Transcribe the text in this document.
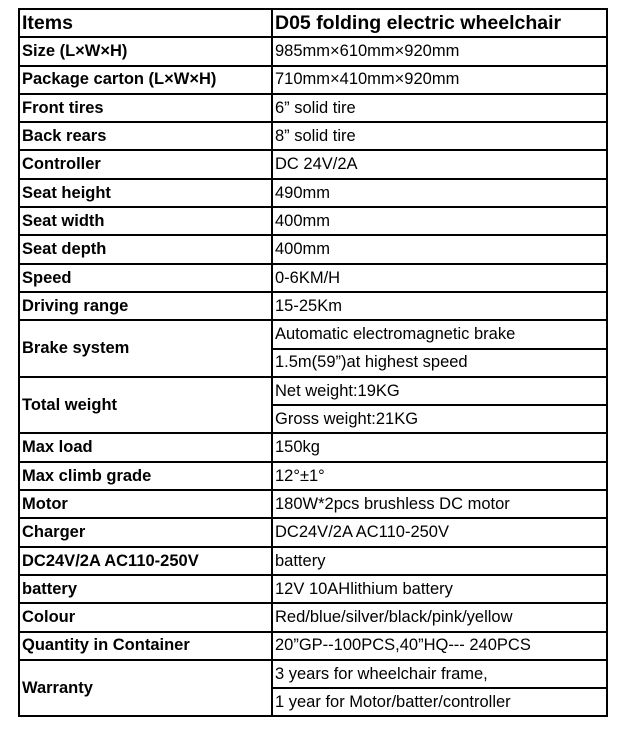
Items	D05 folding electric wheelchair
Size (L×W×H)	985mm×610mm×920mm
Package carton (L×W×H)	710mm×410mm×920mm
Front tires	6” solid tire
Back rears	8” solid tire
Controller	DC 24V/2A
Seat height	490mm
Seat width	400mm
Seat depth	400mm
Speed	0-6KM/H
Driving range	15-25Km
Brake system	Automatic electromagnetic brake
	1.5m(59”)at highest speed
Total weight	Net weight:19KG
	Gross weight:21KG
Max load	150kg
Max climb grade	12°±1°
Motor	180W*2pcs brushless DC motor
Charger	DC24V/2A AC110-250V
DC24V/2A AC110-250V	battery
battery	12V 10AHlithium battery
Colour	Red/blue/silver/black/pink/yellow
Quantity in Container	20”GP--100PCS,40”HQ--- 240PCS
Warranty	3 years for wheelchair frame,
	1 year for Motor/batter/controller
